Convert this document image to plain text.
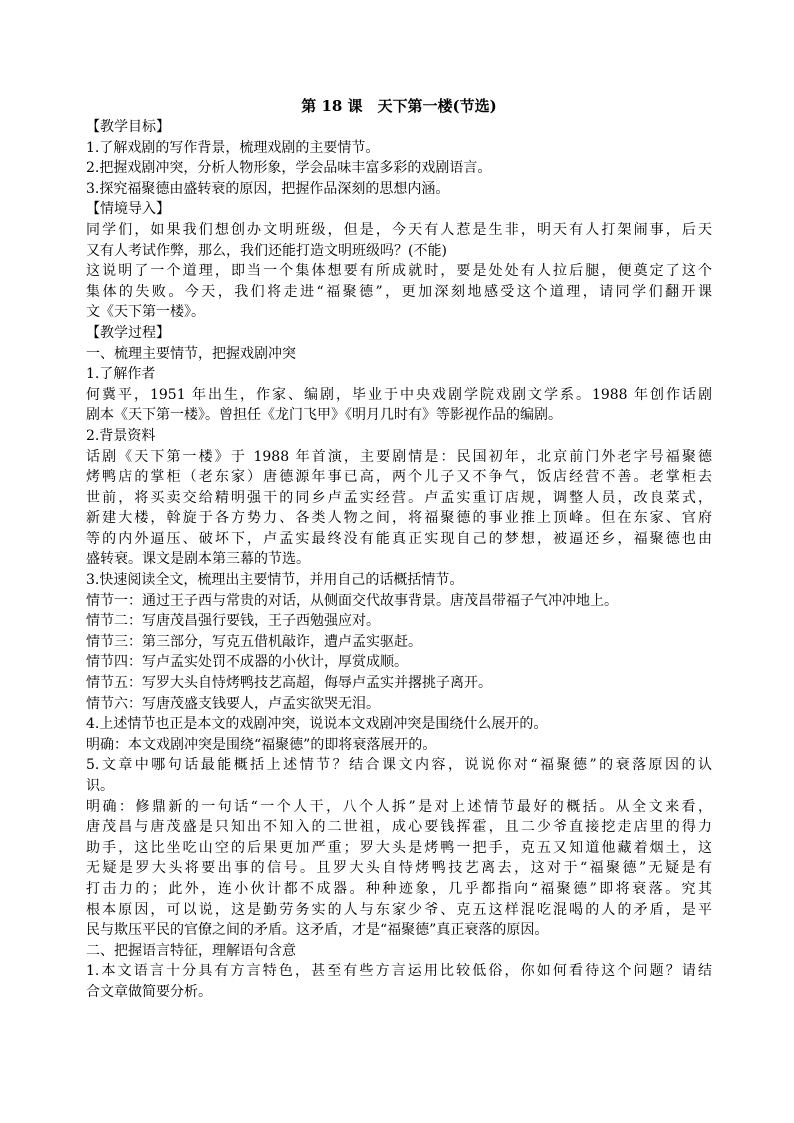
第 18 课　天下第一楼(节选)
【教学目标】
1.了解戏剧的写作背景，梳理戏剧的主要情节。
2.把握戏剧冲突，分析人物形象，学会品味丰富多彩的戏剧语言。
3.探究福聚德由盛转衰的原因，把握作品深刻的思想内涵。
【情境导入】
同学们，如果我们想创办文明班级，但是，今天有人惹是生非，明天有人打架闹事，后天
又有人考试作弊，那么，我们还能打造文明班级吗？(不能)
这说明了一个道理，即当一个集体想要有所成就时，要是处处有人拉后腿，便奠定了这个
集体的失败。今天，我们将走进“福聚德”，更加深刻地感受这个道理，请同学们翻开课
文《天下第一楼》。
【教学过程】
一、梳理主要情节，把握戏剧冲突
1.了解作者
何冀平，1951 年出生，作家、编剧，毕业于中央戏剧学院戏剧文学系。1988 年创作话剧
剧本《天下第一楼》。曾担任《龙门飞甲》《明月几时有》等影视作品的编剧。
2.背景资料
话剧《天下第一楼》于 1988 年首演，主要剧情是：民国初年，北京前门外老字号福聚德
烤鸭店的掌柜（老东家）唐德源年事已高，两个儿子又不争气，饭店经营不善。老掌柜去
世前，将买卖交给精明强干的同乡卢孟实经营。卢孟实重订店规，调整人员，改良菜式，
新建大楼，斡旋于各方势力、各类人物之间，将福聚德的事业推上顶峰。但在东家、官府
等的内外逼压、破坏下，卢孟实最终没有能真正实现自己的梦想，被逼还乡，福聚德也由
盛转衰。课文是剧本第三幕的节选。
3.快速阅读全文，梳理出主要情节，并用自己的话概括情节。
情节一：通过王子西与常贵的对话，从侧面交代故事背景。唐茂昌带福子气冲冲地上。
情节二：写唐茂昌强行要钱，王子西勉强应对。
情节三：第三部分，写克五借机敲诈，遭卢孟实驱赶。
情节四：写卢孟实处罚不成器的小伙计，厚赏成顺。
情节五：写罗大头自恃烤鸭技艺高超，侮辱卢孟实并撂挑子离开。
情节六：写唐茂盛支钱要人，卢孟实欲哭无泪。
4.上述情节也正是本文的戏剧冲突，说说本文戏剧冲突是围绕什么展开的。
明确：本文戏剧冲突是围绕“福聚德”的即将衰落展开的。
5.文章中哪句话最能概括上述情节？结合课文内容，说说你对“福聚德”的衰落原因的认
识。
明确：修鼎新的一句话“一个人干，八个人拆”是对上述情节最好的概括。从全文来看，
唐茂昌与唐茂盛是只知出不知入的二世祖，成心要钱挥霍，且二少爷直接挖走店里的得力
助手，这比坐吃山空的后果更加严重；罗大头是烤鸭一把手，克五又知道他藏着烟土，这
无疑是罗大头将要出事的信号。且罗大头自恃烤鸭技艺离去，这对于“福聚德”无疑是有
打击力的；此外，连小伙计都不成器。种种迹象，几乎都指向“福聚德”即将衰落。究其
根本原因，可以说，这是勤劳务实的人与东家少爷、克五这样混吃混喝的人的矛盾，是平
民与欺压平民的官僚之间的矛盾。这矛盾，才是“福聚德”真正衰落的原因。
二、把握语言特征，理解语句含意
1.本文语言十分具有方言特色，甚至有些方言运用比较低俗，你如何看待这个问题？请结
合文章做简要分析。
